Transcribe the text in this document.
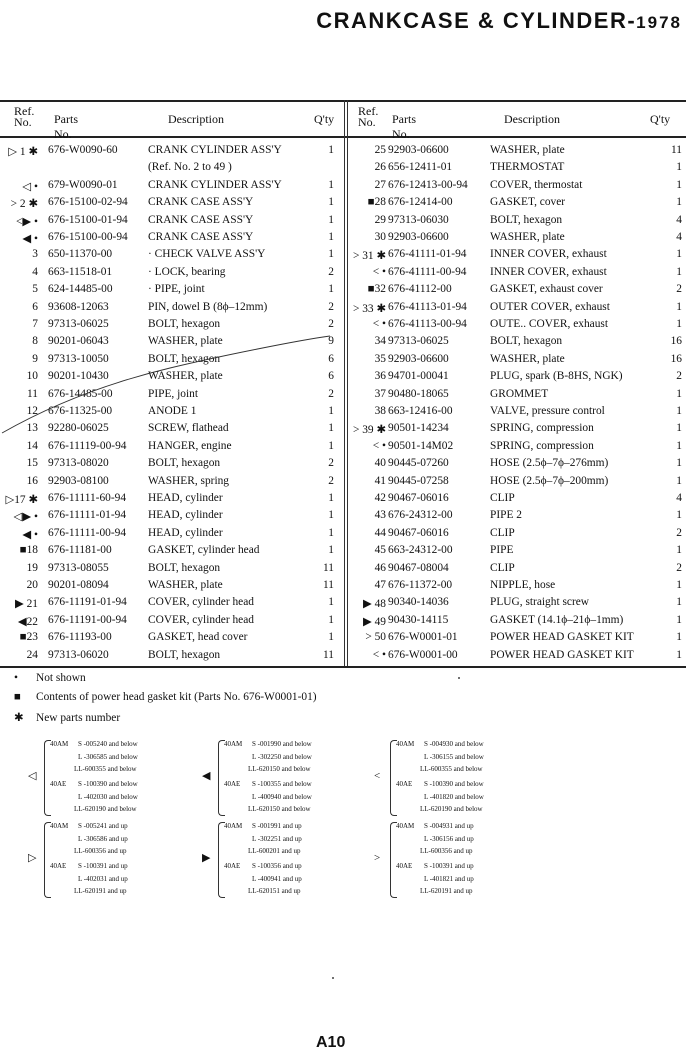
CRANKCASE & CYLINDER-1978
Ref.
No. Parts No.
Description	Q'ty
▷ 1 ✱ 676-W0090-60	CRANK CYLINDER ASS'Y	1
(Ref. No. 2 to 49 )
◁ • 679-W0090-01	CRANK CYLINDER ASS'Y	1
> 2 ✱ 676-15100-02-94 CRANK CASE ASS'Y	1
<▶ • 676-15100-01-94 CRANK CASE ASS'Y	1
◀ • 676-15100-00-94 CRANK CASE ASS'Y	1
3 650-11370-00	· CHECK VALVE ASS'Y	1
4 663-11518-01	· LOCK, bearing	2
5 624-14485-00	· PIPE, joint	1
6 93608-12063	PIN, dowel B (8ϕ–12mm)	2
7 97313-06025	BOLT, hexagon	2
8 90201-06043	WASHER, plate	9
9 97313-10050	BOLT, hexagon	6
10 90201-10430	WASHER, plate	6
11 676-14485-00	PIPE, joint	2
12 676-11325-00	ANODE 1	1
13 92280-06025	SCREW, flathead	1
14 676-11119-00-94 HANGER, engine	1
15 97313-08020	BOLT, hexagon	2
16 92903-08100	WASHER, spring	2
▷17 ✱ 676-11111-60-94 HEAD, cylinder	1
◁▶ • 676-11111-01-94 HEAD, cylinder	1
◀ • 676-11111-00-94 HEAD, cylinder	1
■18 676-11181-00	GASKET, cylinder head	1
19 97313-08055	BOLT, hexagon	11
20 90201-08094	WASHER, plate	11
▶ 21 676-11191-01-94 COVER, cylinder head	1
◀22 676-11191-00-94 COVER, cylinder head	1
■23 676-11193-00	GASKET, head cover	1
24 97313-06020	BOLT, hexagon	11
Ref.
No. Parts No.
Description	Q'ty
25 92903-06600	WASHER, plate	11
26 656-12411-01	THERMOSTAT	1
27 676-12413-00-94 COVER, thermostat	1
■28 676-12414-00	GASKET, cover	1
29 97313-06030	BOLT, hexagon	4
30 92903-06600	WASHER, plate	4
> 31 ✱ 676-41111-01-94 INNER COVER, exhaust	1
< • 676-41111-00-94 INNER COVER, exhaust	1
■32 676-41112-00	GASKET, exhaust cover	2
> 33 ✱ 676-41113-01-94 OUTER COVER, exhaust	1
< • 676-41113-00-94 OUTE.. COVER, exhaust	1
34 97313-06025	BOLT, hexagon	16
35 92903-06600	WASHER, plate	16
36 94701-00041	PLUG, spark (B-8HS, NGK)	2
37 90480-18065	GROMMET	1
38 663-12416-00	VALVE, pressure control	1
> 39 ✱ 90501-14234	SPRING, compression	1
< • 90501-14M02	SPRING, compression	1
40 90445-07260	HOSE (2.5ϕ–7ϕ–276mm)	1
41 90445-07258	HOSE (2.5ϕ–7ϕ–200mm)	1
42 90467-06016	CLIP	4
43 676-24312-00	PIPE 2	1
44 90467-06016	CLIP	2
45 663-24312-00	PIPE	1
46 90467-08004	CLIP	2
47 676-11372-00	NIPPLE, hose	1
▶ 48 90340-14036	PLUG, straight screw	1
▶ 49 90430-14115	GASKET (14.1ϕ–21ϕ–1mm)	1
> 50 676-W0001-01	POWER HEAD GASKET KIT	1
< • 676-W0001-00	POWER HEAD GASKET KIT	1
• Not shown
■ Contents of power head gasket kit (Parts No. 676-W0001-01)
✱ New parts number
◁
40AM S -005240 and below
L -306585 and below
LL-600355 and below
40AE S -100390 and below
L -402030 and below
LL-620190 and below
◀
40AM S -001990 and below
L -302250 and below
LL-620150 and below
40AE S -100355 and below
L -400940 and below
LL-620150 and below
<
40AM S -004930 and below
L -306155 and below
LL-600355 and below
40AE S -100390 and below
L -401820 and below
LL-620190 and below
▷
40AM S -005241 and up
L -306586 and up
LL-600356 and up
40AE S -100391 and up
L -402031 and up
LL-620191 and up
▶
40AM S -001991 and up
L -302251 and up
LL-600201 and up
40AE S -100356 and up
L -400941 and up
LL-620151 and up
>
40AM S -004931 and up
L -306156 and up
LL-600356 and up
40AE S -100391 and up
L -401821 and up
LL-620191 and up
A10
